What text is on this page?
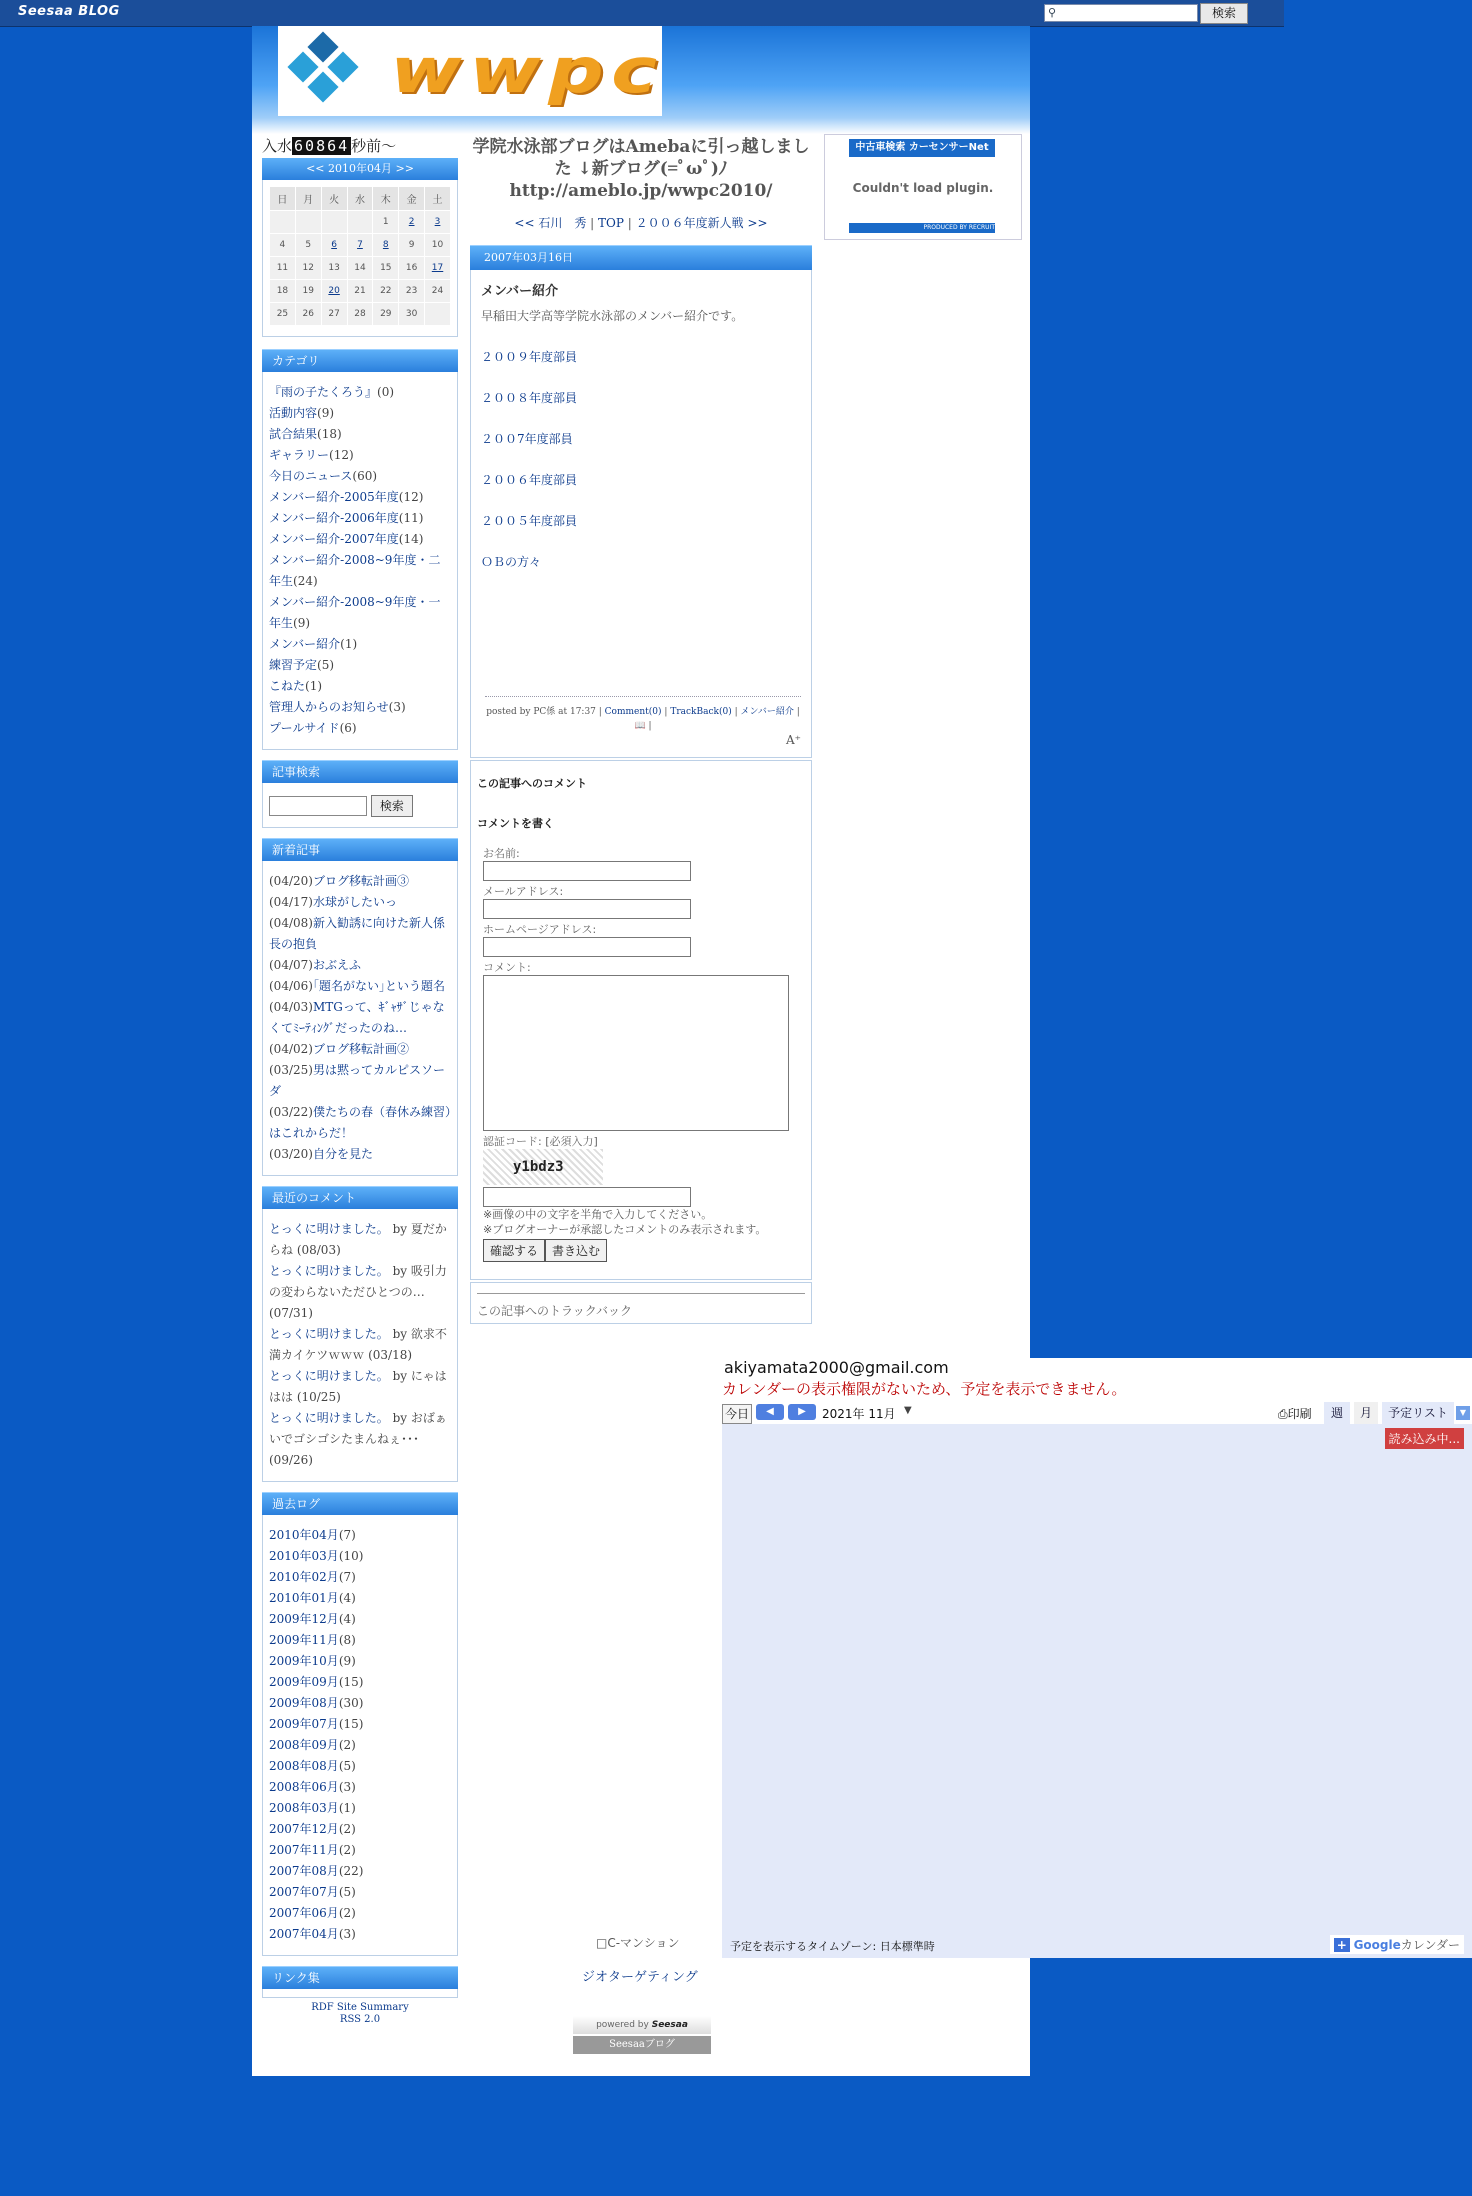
Seesaa BLOG	⚲	検索
wwpc
入水 60864 秒前～
<< 2010年04月 >>
日	月	火	水	木	金	土
				1	2	3
4	5	6	7	8	9	10
11	12	13	14	15	16	17
18	19	20	21	22	23	24
25	26	27	28	29	30	
カテゴリ
『雨の子たくろう』(0)
活動内容(9)
試合結果(18)
ギャラリー(12)
今日のニュース(60)
メンバー紹介-2005年度(12)
メンバー紹介-2006年度(11)
メンバー紹介-2007年度(14)
メンバー紹介-2008~9年度・二年生(24)
メンバー紹介-2008~9年度・一年生(9)
メンバー紹介(1)
練習予定(5)
こねた(1)
管理人からのお知らせ(3)
プールサイド(6)
記事検索
検索
新着記事
(04/20)ブログ移転計画③
(04/17)水球がしたいっ
(04/08)新入勧誘に向けた新人係長の抱負
(04/07)おぶえふ
(04/06)｢題名がない｣という題名
(04/03)MTGって、ｷﾞｬｻﾞじゃなくてﾐｰﾃｨﾝｸﾞだったのね…
(04/02)ブログ移転計画②
(03/25)男は黙ってカルピスソーダ
(03/22)僕たちの春（春休み練習）はこれからだ！
(03/20)自分を見た
最近のコメント
とっくに明けました。 by 夏だからね (08/03)
とっくに明けました。 by 吸引力の変わらないただひとつの… (07/31)
とっくに明けました。 by 欲求不満カイケツｗｗｗ (03/18)
とっくに明けました。 by にゃははは (10/25)
とっくに明けました。 by おばぁいでゴシゴシたまんねぇ･･･ (09/26)
過去ログ
2010年04月(7)
2010年03月(10)
2010年02月(7)
2010年01月(4)
2009年12月(4)
2009年11月(8)
2009年10月(9)
2009年09月(15)
2009年08月(30)
2009年07月(15)
2008年09月(2)
2008年08月(5)
2008年06月(3)
2008年03月(1)
2007年12月(2)
2007年11月(2)
2007年08月(22)
2007年07月(5)
2007年06月(2)
2007年04月(3)
リンク集
RDF Site Summary
RSS 2.0
学院水泳部ブログはAmebaに引っ越しました ↓新ブログ(=ﾟωﾟ)ﾉ http://ameblo.jp/wwpc2010/
<< 石川　秀 | TOP | ２００６年度新人戦 >>
2007年03月16日
メンバー紹介
早稲田大学高等学院水泳部のメンバー紹介です。
２００９年度部員
２００８年度部員
２００7年度部員
２００６年度部員
２００５年度部員
ＯＢの方々
posted by PC係 at 17:37 | Comment(0) | TrackBack(0) | メンバー紹介 | 📖 |

A⁺
この記事へのコメント
コメントを書く
お名前:
メールアドレス:
ホームページアドレス:
コメント:
認証コード: [必須入力]
y1bdz3
※画像の中の文字を半角で入力してください。
※ブログオーナーが承認したコメントのみ表示されます。
確認する 書き込む
この記事へのトラックバック
中古車検索 カーセンサーNet
Couldn't load plugin.
PRODUCED BY RECRUIT
akiyamata2000@gmail.com
カレンダーの表示権限がないため、予定を表示できません。
今日	◀	▶	2021年 11月 ▼	⎙印刷	週	月	予定リスト	▼
読み込み中...
予定を表示するタイムゾーン: 日本標準時	+ Googleカレンダー
□C-マンション
ジオターゲティング
powered by Seesaa
Seesaaブログ
